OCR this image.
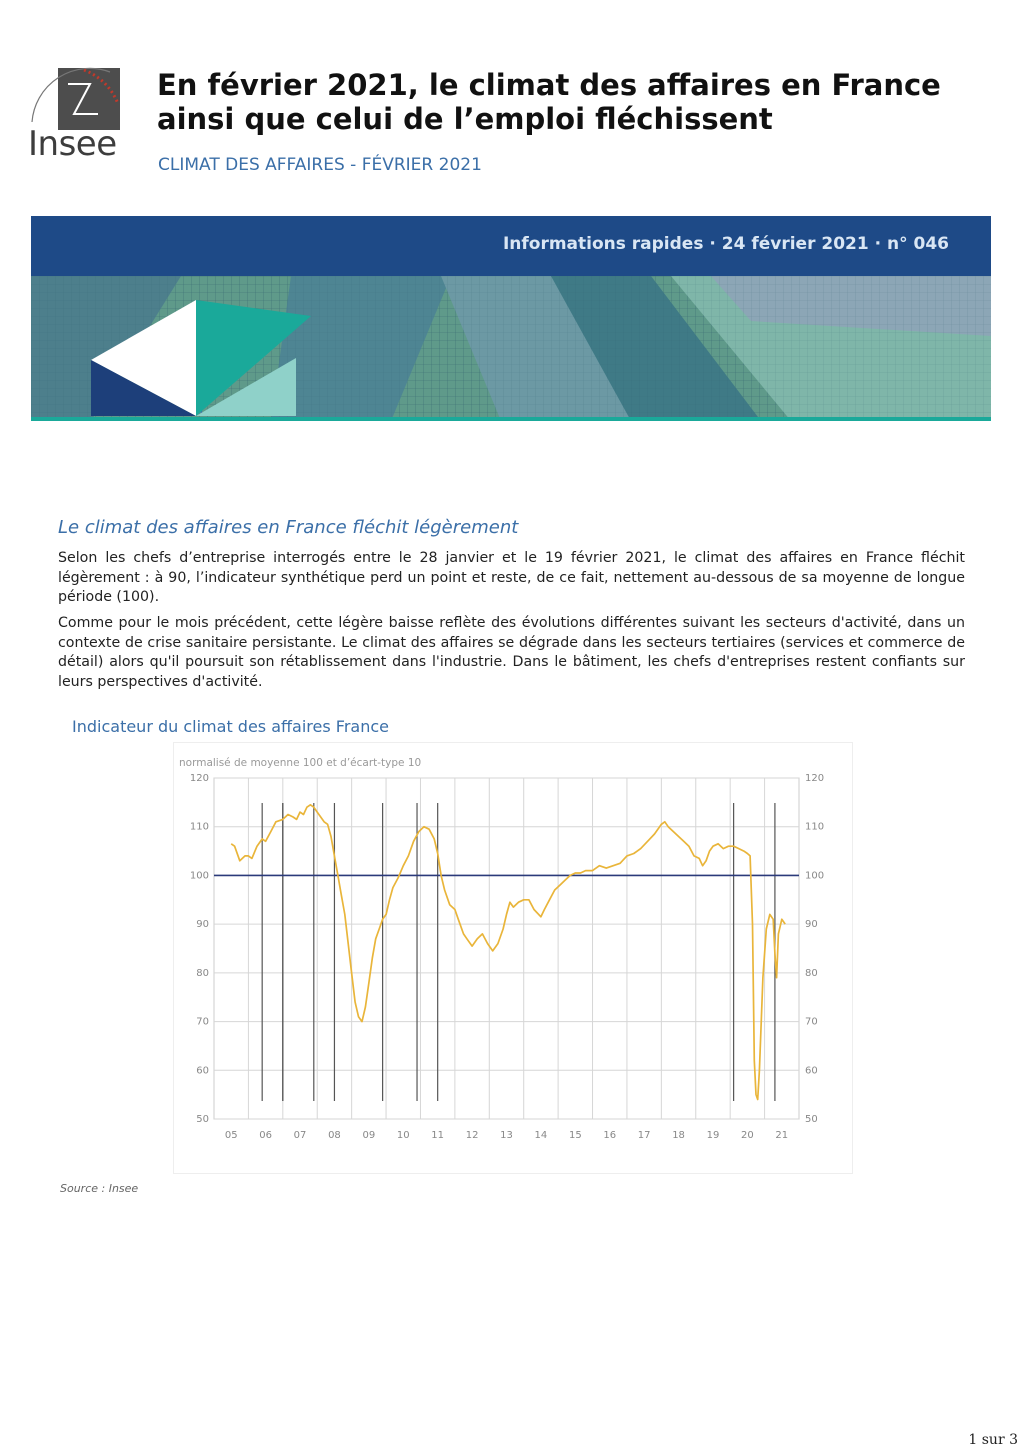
Insee
En février 2021, le climat des affaires en France ainsi que celui de l’emploi fléchissent
CLIMAT DES AFFAIRES - FÉVRIER 2021
Informations rapides · 24 février 2021 · n° 046
Le climat des affaires en France fléchit légèrement
Selon les chefs d’entreprise interrogés entre le 28 janvier et le 19 février 2021, le climat des affaires en France fléchit légèrement : à 90, l’indicateur synthétique perd un point et reste, de ce fait, nettement au-dessous de sa moyenne de longue période (100).
Comme pour le mois précédent, cette légère baisse reflète des évolutions différentes suivant les secteurs d'activité, dans un contexte de crise sanitaire persistante. Le climat des affaires se dégrade dans les secteurs tertiaires (services et commerce de détail) alors qu'il poursuit son rétablissement dans l'industrie. Dans le bâtiment, les chefs d'entreprises restent confiants sur leurs perspectives d'activité.
Indicateur du climat des affaires France
50	50
60	60
70	70
80	80
90	90
100	100
110	110
120	120
05 06 07 08 09 10 11 12 13 14 15 16 17 18 19 20 21
normalisé de moyenne 100 et d’écart-type 10
Source : Insee
1 sur 3
